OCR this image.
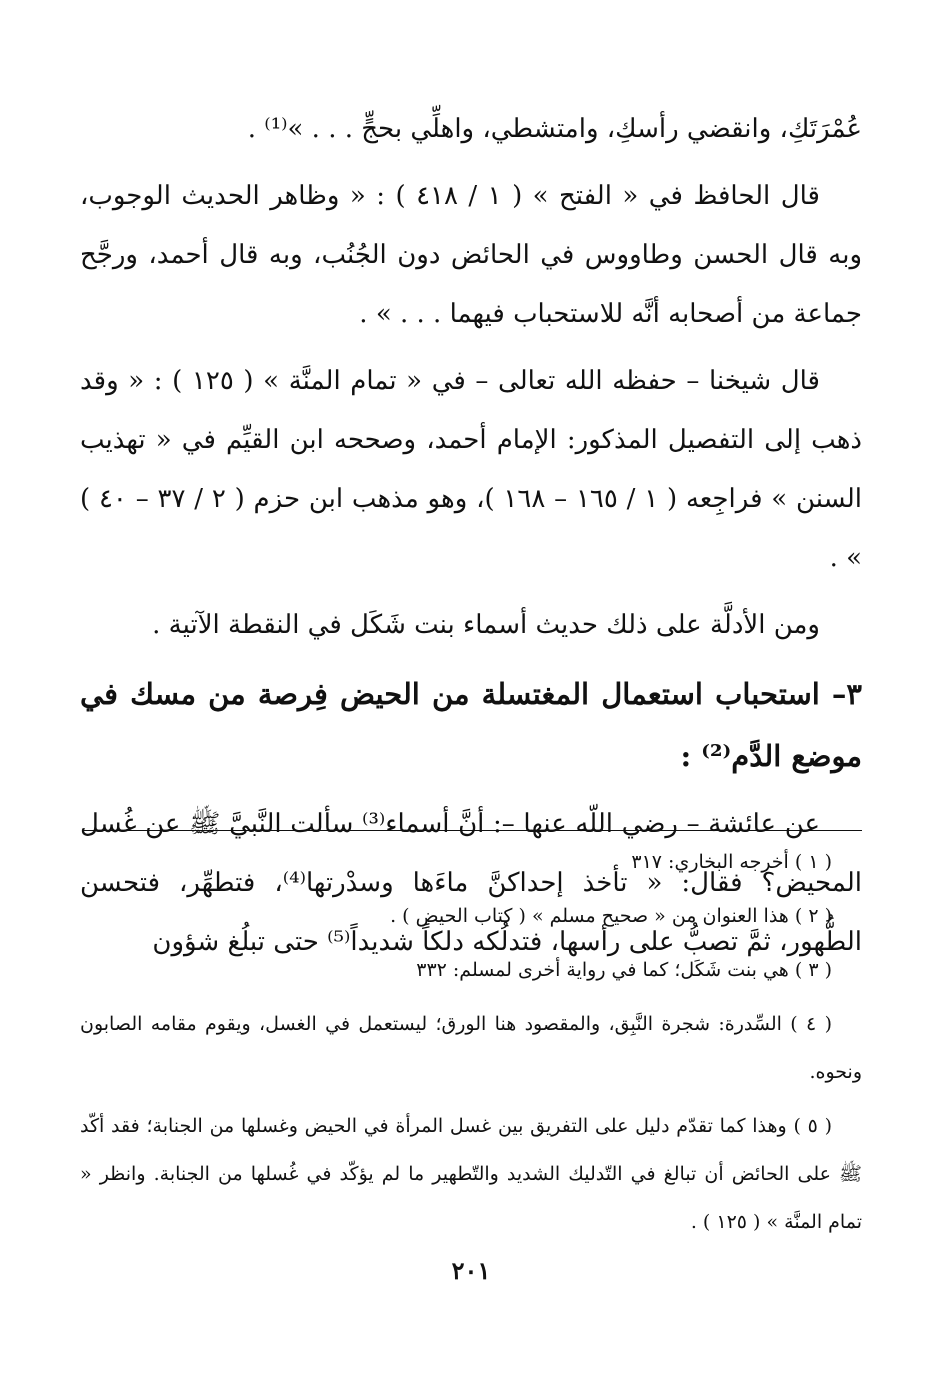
عُمْرَتَكِ، وانقضي رأسكِ، وامتشطي، واهلِّي بحجٍّ . . . »⁽¹⁾ .

قال الحافظ في « الفتح » ( ١ / ٤١٨ ) : « وظاهر الحديث الوجوب، وبه قال الحسن وطاووس في الحائض دون الجُنُب، وبه قال أحمد، ورجَّح جماعة من أصحابه أنَّه للاستحباب فيهما . . . » .

قال شيخنا – حفظه الله تعالى – في « تمام المنَّة » ( ١٢٥ ) : « وقد ذهب إلى التفصيل المذكور: الإمام أحمد، وصححه ابن القيِّم في « تهذيب السنن » فراجِعه ( ١ / ١٦٥ – ١٦٨ )، وهو مذهب ابن حزم ( ٢ / ٣٧ – ٤٠ ) » .

ومن الأدلَّة على ذلك حديث أسماء بنت شَكَل في النقطة الآتية .

٣– استحباب استعمال المغتسلة من الحيض فِرصة من مسك في موضع الدَّم⁽²⁾ :

عن عائشة – رضي اللّه عنها –: أنَّ أسماء⁽³⁾ سألت النَّبيَّ ﷺ عن غُسل المحيض؟ فقال: « تأخذ إحداكنَّ ماءَها وسدْرتها⁽⁴⁾، فتطهِّر، فتحسن الطُّهور، ثمَّ تصبُّ على رأسها، فتدلُكه دلكاً شديداً⁽⁵⁾ حتى تبلُغ شؤون

( ١ ) أخرجه البخاري: ٣١٧

( ٢ ) هذا العنوان من « صحيح مسلم » ( كتاب الحيض ) .

( ٣ ) هي بنت شَكَل؛ كما في رواية أخرى لمسلم: ٣٣٢

( ٤ ) السِّدرة: شجرة النَّبِق، والمقصود هنا الورق؛ ليستعمل في الغسل، ويقوم مقامه الصابون ونحوه.

( ٥ ) وهذا كما تقدّم دليل على التفريق بين غسل المرأة في الحيض وغسلها من الجنابة؛ فقد أكّد ﷺ على الحائض أن تبالغ في التّدليك الشديد والتّطهير ما لم يؤكّد في غُسلها من الجنابة. وانظر « تمام المنَّة » ( ١٢٥ ) .

٢٠١
